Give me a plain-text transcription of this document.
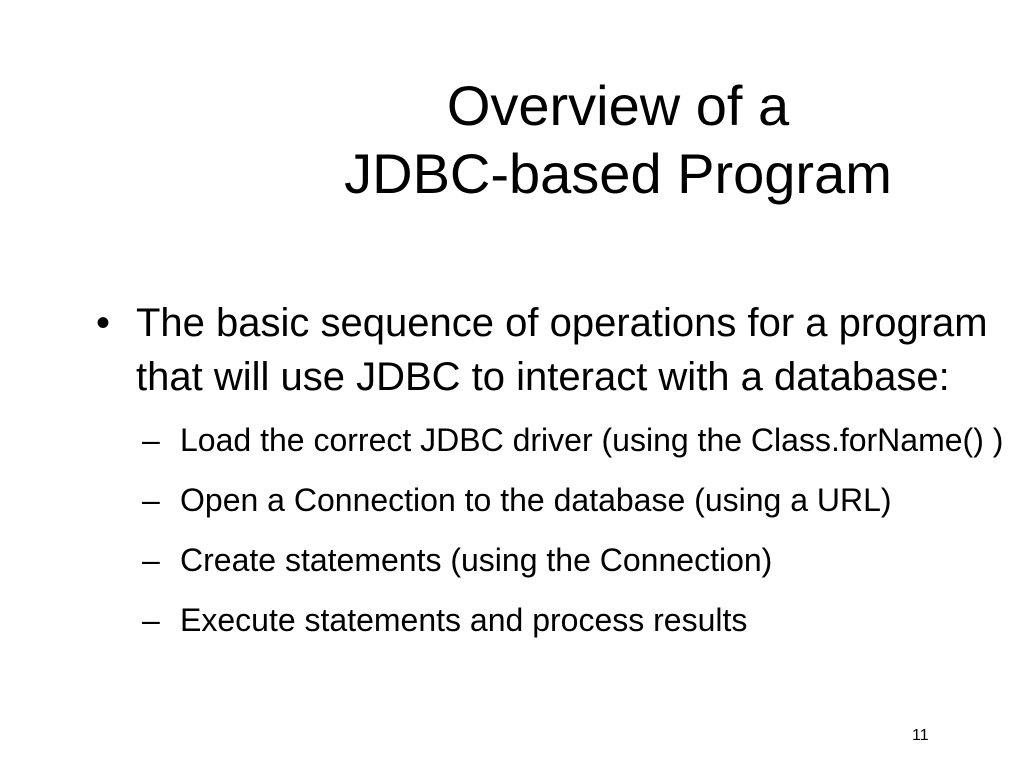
Overview of a
JDBC-based Program
• The basic sequence of operations for a program that will use JDBC to interact with a database:
– Load the correct JDBC driver (using the Class.forName() )
– Open a Connection to the database (using a URL)
– Create statements (using the Connection)
– Execute statements and process results
11
